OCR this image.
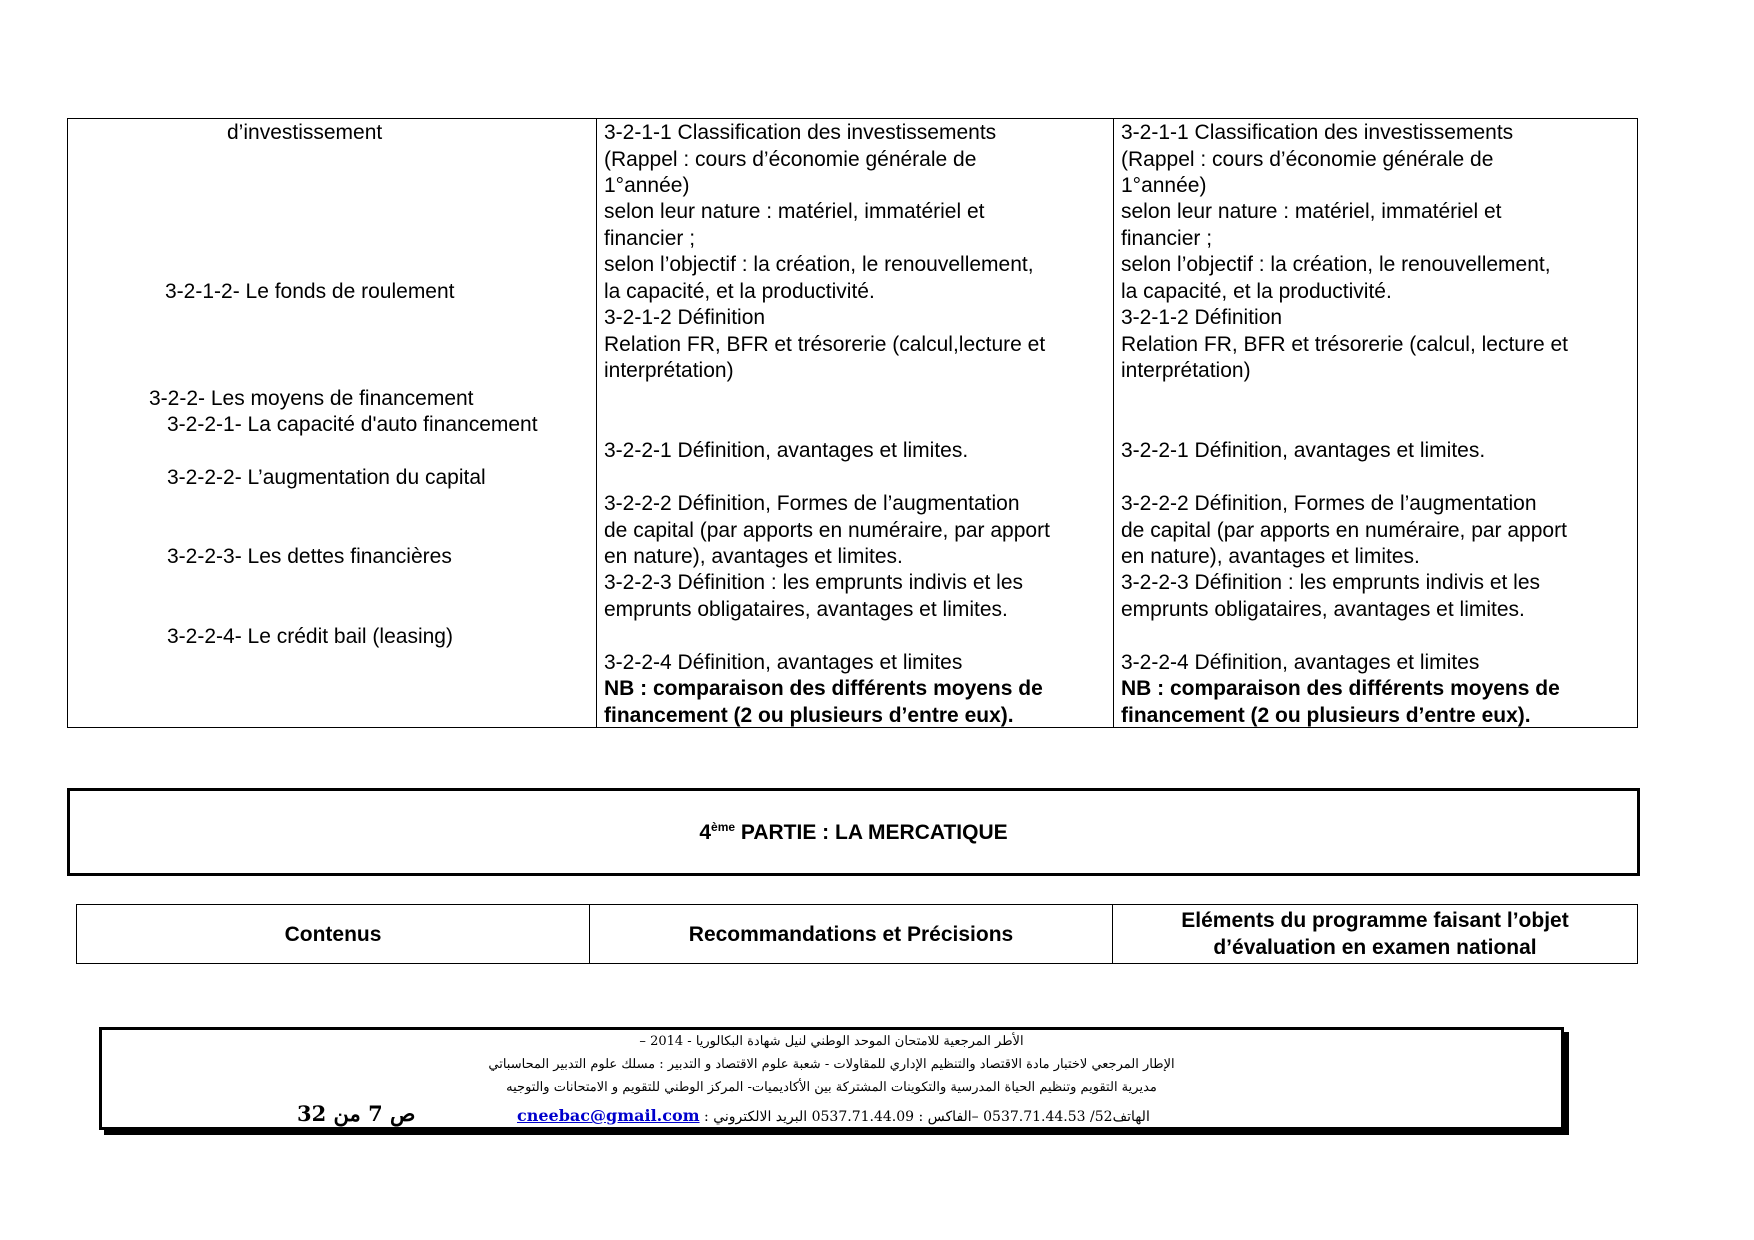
d’investissement
3-2-1-2- Le fonds de roulement
3-2-2- Les moyens de financement
3-2-2-1- La capacité d'auto financement
3-2-2-2- L’augmentation du capital
3-2-2-3- Les dettes financières
3-2-2-4- Le crédit bail (leasing)
3-2-1-1 Classification des investissements
(Rappel : cours d’économie générale de
1°année)
selon leur nature : matériel, immatériel et
financier ;
selon l’objectif : la création, le renouvellement,
la capacité, et la productivité.
3-2-1-2 Définition
Relation FR, BFR et trésorerie (calcul,lecture et
interprétation)
3-2-2-1 Définition, avantages et limites.
3-2-2-2 Définition, Formes de l’augmentation
de capital (par apports en numéraire, par apport
en nature), avantages et limites.
3-2-2-3 Définition : les emprunts indivis et les
emprunts obligataires, avantages et limites.
3-2-2-4 Définition, avantages et limites
NB : comparaison des différents moyens de
financement (2 ou plusieurs d’entre eux).
3-2-1-1 Classification des investissements
(Rappel : cours d’économie générale de
1°année)
selon leur nature : matériel, immatériel et
financier ;
selon l’objectif : la création, le renouvellement,
la capacité, et la productivité.
3-2-1-2 Définition
Relation FR, BFR et trésorerie (calcul, lecture et
interprétation)
3-2-2-1 Définition, avantages et limites.
3-2-2-2 Définition, Formes de l’augmentation
de capital (par apports en numéraire, par apport
en nature), avantages et limites.
3-2-2-3 Définition : les emprunts indivis et les
emprunts obligataires, avantages et limites.
3-2-2-4 Définition, avantages et limites
NB : comparaison des différents moyens de
financement (2 ou plusieurs d’entre eux).
4ème PARTIE : LA MERCATIQUE
Contenus	Recommandations et Précisions
Eléments du programme faisant l’objet
d’évaluation en examen national
الأطر المرجعية للامتحان الموحد الوطني لنيل شهادة البكالوريا - 2014 –
الإطار المرجعي لاختبار مادة الاقتصاد والتنظيم الإداري للمقاولات - شعبة علوم الاقتصاد و التدبير : مسلك علوم التدبير المحاسباتي
مديرية التقويم وتنظيم الحياة المدرسية والتكوينات المشتركة بين الأكاديميات- المركز الوطني للتقويم و الامتحانات والتوجيه
ص 7 من 32	الهاتف52/ 0537.71.44.53 –الفاكس : 0537.71.44.09 البريد الالكتروني : cneebac@gmail.com
